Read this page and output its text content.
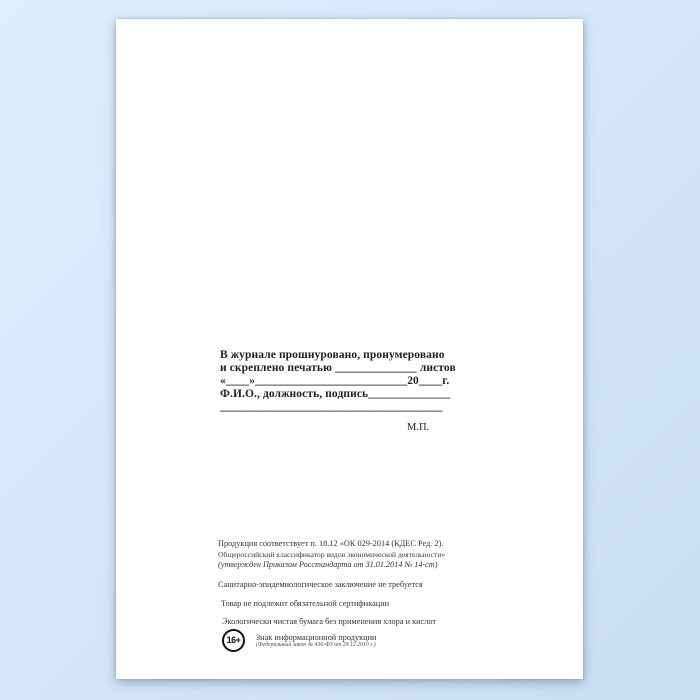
В журнале прошнуровано, пронумеровано
и скреплено печатью ______________ листов
«____»__________________________20____г.
Ф.И.О., должность, подпись______________
______________________________________
М.П.
Продукция соответствует п. 18.12 «ОК 029-2014 (КДЕС Ред. 2).
Общероссийский классификатор видов экономической деятельности»
(утвержден Приказом Росстандарта от 31.01.2014 № 14-ст)
Санитарно-эпидемиологическое заключение не требуется
Товар не подлежит обязательной сертификации
Экологически чистая бумага без применения хлора и кислот
16+	Знак информационной продукции
(Федеральный закон № 436-ФЗ от 29.12.2010 г.)
